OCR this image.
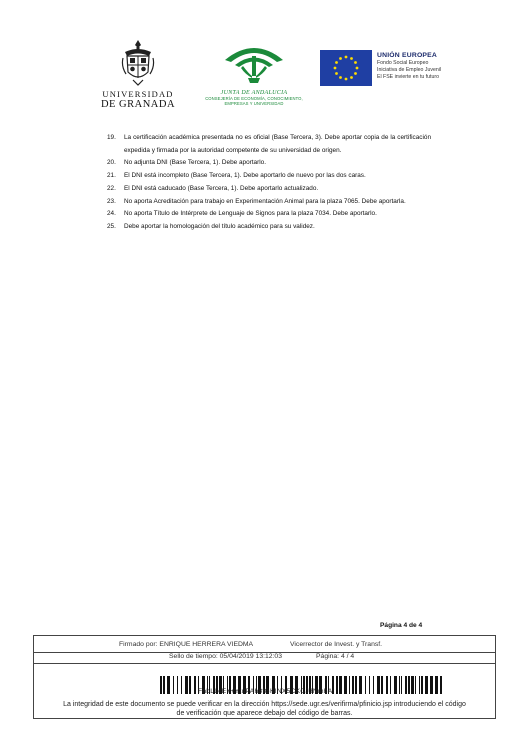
UNIVERSIDAD
DE GRANADA
JUNTA DE ANDALUCIA
CONSEJERÍA DE ECONOMÍA, CONOCIMIENTO,
EMPRESAS Y UNIVERSIDAD
UNIÓN EUROPEA
Fondo Social Europeo
Iniciativa de Empleo Juvenil
El FSE invierte en tu futuro
19. La certificación académica presentada no es oficial (Base Tercera, 3). Debe aportar copia de la certificación expedida y firmada por la autoridad competente de su universidad de origen.
20. No adjunta DNI (Base Tercera, 1). Debe aportarlo.
21. El DNI está incompleto (Base Tercera, 1). Debe aportarlo de nuevo por las dos caras.
22. El DNI está caducado (Base Tercera, 1). Debe aportarlo actualizado.
23. No aporta Acreditación para trabajo en Experimentación Animal para la plaza 7065. Debe aportarla.
24. No aporta Título de Intérprete de Lenguaje de Signos para la plaza 7034. Debe aportarlo.
25. Debe aportar la homologación del título académico para su validez.
Página 4 de 4
Firmado por: ENRIQUE HERRERA VIEDMA	Vicerrector de Invest. y Transf.
Sello de tiempo: 05/04/2019 13:12:03	Página: 4 / 4
FnbLLcE++YtuPAh8fGKINX5CKCJ3NmbA
La integridad de este documento se puede verificar en la dirección https://sede.ugr.es/verifirma/pfinicio.jsp introduciendo el código
de verificación que aparece debajo del código de barras.
